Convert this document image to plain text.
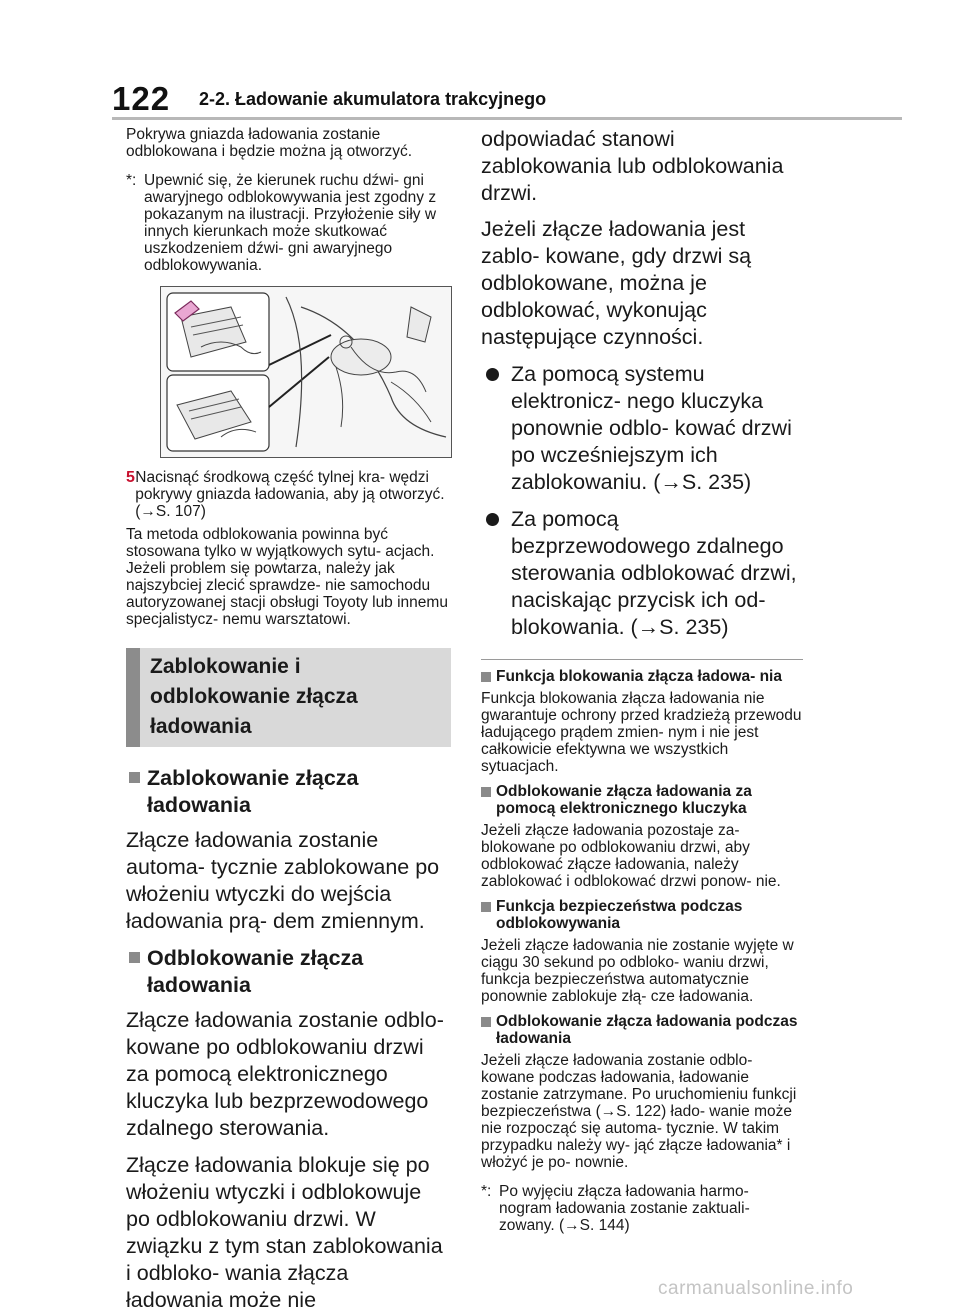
122 2-2. Ładowanie akumulatora trakcyjnego

Pokrywa gniazda ładowania zostanie odblokowana i będzie można ją otworzyć.

*: Upewnić się, że kierunek ruchu dźwi- gni awaryjnego odblokowywania jest zgodny z pokazanym na ilustracji. Przyłożenie siły w innych kierunkach może skutkować uszkodzeniem dźwi- gni awaryjnego odblokowywania.
5 Nacisnąć środkową część tylnej kra- wędzi pokrywy gniazda ładowania, aby ją otworzyć. (→S. 107)

Ta metoda odblokowania powinna być stosowana tylko w wyjątkowych sytu- acjach. Jeżeli problem się powtarza, należy jak najszybciej zlecić sprawdze- nie samochodu autoryzowanej stacji obsługi Toyoty lub innemu specjalistycz- nemu warsztatowi.

Zablokowanie i odblokowanie złącza ładowania
Zablokowanie złącza ładowania

Złącze ładowania zostanie automa- tycznie zablokowane po włożeniu wtyczki do wejścia ładowania prą- dem zmiennym.

Odblokowanie złącza ładowania

Złącze ładowania zostanie odblo- kowane po odblokowaniu drzwi za pomocą elektronicznego kluczyka lub bezprzewodowego zdalnego sterowania.

Złącze ładowania blokuje się po włożeniu wtyczki i odblokowuje po odblokowaniu drzwi. W związku z tym stan zablokowania i odbloko- wania złącza ładowania może nie

odpowiadać stanowi zablokowania lub odblokowania drzwi.

Jeżeli złącze ładowania jest zablo- kowane, gdy drzwi są odblokowane, można je odblokować, wykonując następujące czynności.

Za pomocą systemu elektronicz- nego kluczyka ponownie odblo- kować drzwi po wcześniejszym ich zablokowaniu. (→S. 235)
Za pomocą bezprzewodowego zdalnego sterowania odblokować drzwi, naciskając przycisk ich od- blokowania. (→S. 235)
Funkcja blokowania złącza ładowa- nia

Funkcja blokowania złącza ładowania nie gwarantuje ochrony przed kradzieżą przewodu ładującego prądem zmien- nym i nie jest całkowicie efektywna we wszystkich sytuacjach.

Odblokowanie złącza ładowania za pomocą elektronicznego kluczyka

Jeżeli złącze ładowania pozostaje za- blokowane po odblokowaniu drzwi, aby odblokować złącze ładowania, należy zablokować i odblokować drzwi ponow- nie.

Funkcja bezpieczeństwa podczas odblokowywania

Jeżeli złącze ładowania nie zostanie wyjęte w ciągu 30 sekund po odbloko- waniu drzwi, funkcja bezpieczeństwa automatycznie ponownie zablokuje złą- cze ładowania.

Odblokowanie złącza ładowania podczas ładowania

Jeżeli złącze ładowania zostanie odblo- kowane podczas ładowania, ładowanie zostanie zatrzymane. Po uruchomieniu funkcji bezpieczeństwa (→S. 122) łado- wanie może nie rozpocząć się automa- tycznie. W takim przypadku należy wy- jąć złącze ładowania* i włożyć je po- nownie.

*: Po wyjęciu złącza ładowania harmo- nogram ładowania zostanie zaktuali- zowany. (→S. 144)
carmanualsonline.info
